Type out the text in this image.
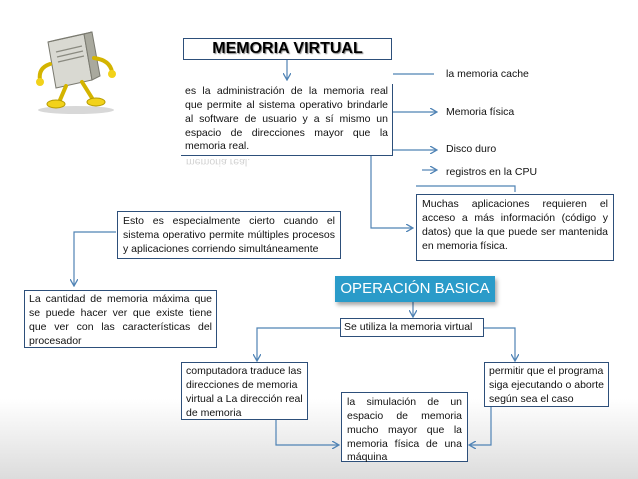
MEMORIA VIRTUAL
es la administración de la memoria real que permite al sistema operativo brindarle al software de usuario y a sí mismo un espacio de direcciones mayor que la memoria real.
memoria real.
la memoria cache
Memoria física
Disco duro
registros en la CPU
Muchas aplicaciones requieren el acceso a más información (código y datos) que la que puede ser mantenida en memoria física.
Esto es especialmente cierto cuando el sistema operativo permite múltiples procesos y aplicaciones corriendo simultáneamente
La cantidad de memoria máxima que se puede hacer ver que existe tiene que ver con las características del procesador
OPERACIÓN BASICA
Se utiliza la memoria virtual
computadora traduce las direcciones de memoria virtual a La dirección real de memoria
la simulación de un espacio de memoria mucho mayor que la memoria física de una máquina
permitir que el programa siga ejecutando o aborte según sea el caso
